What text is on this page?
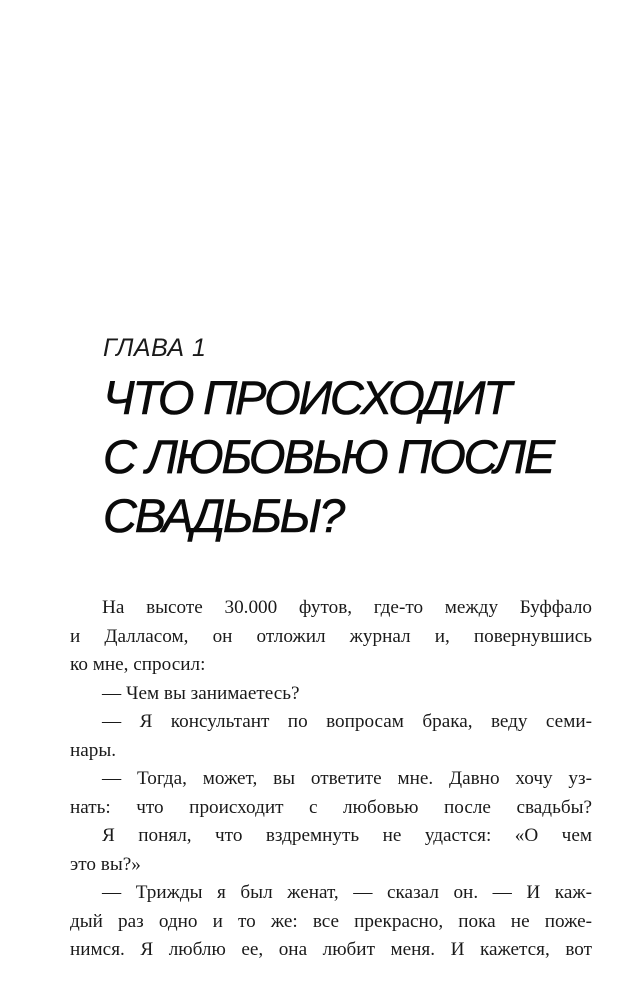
ГЛАВА 1
ЧТО ПРОИСХОДИТ
С ЛЮБОВЬЮ ПОСЛЕ
СВАДЬБЫ?
На высоте 30.000 футов, где-то между Буффало
и Далласом, он отложил журнал и, повернувшись
ко мне, спросил:
— Чем вы занимаетесь?
— Я консультант по вопросам брака, веду семи-
нары.
— Тогда, может, вы ответите мне. Давно хочу уз-
нать: что происходит с любовью после свадьбы?
Я понял, что вздремнуть не удастся: «О чем
это вы?»
— Трижды я был женат, — сказал он. — И каж-
дый раз одно и то же: все прекрасно, пока не поже-
нимся. Я люблю ее, она любит меня. И кажется, вот
